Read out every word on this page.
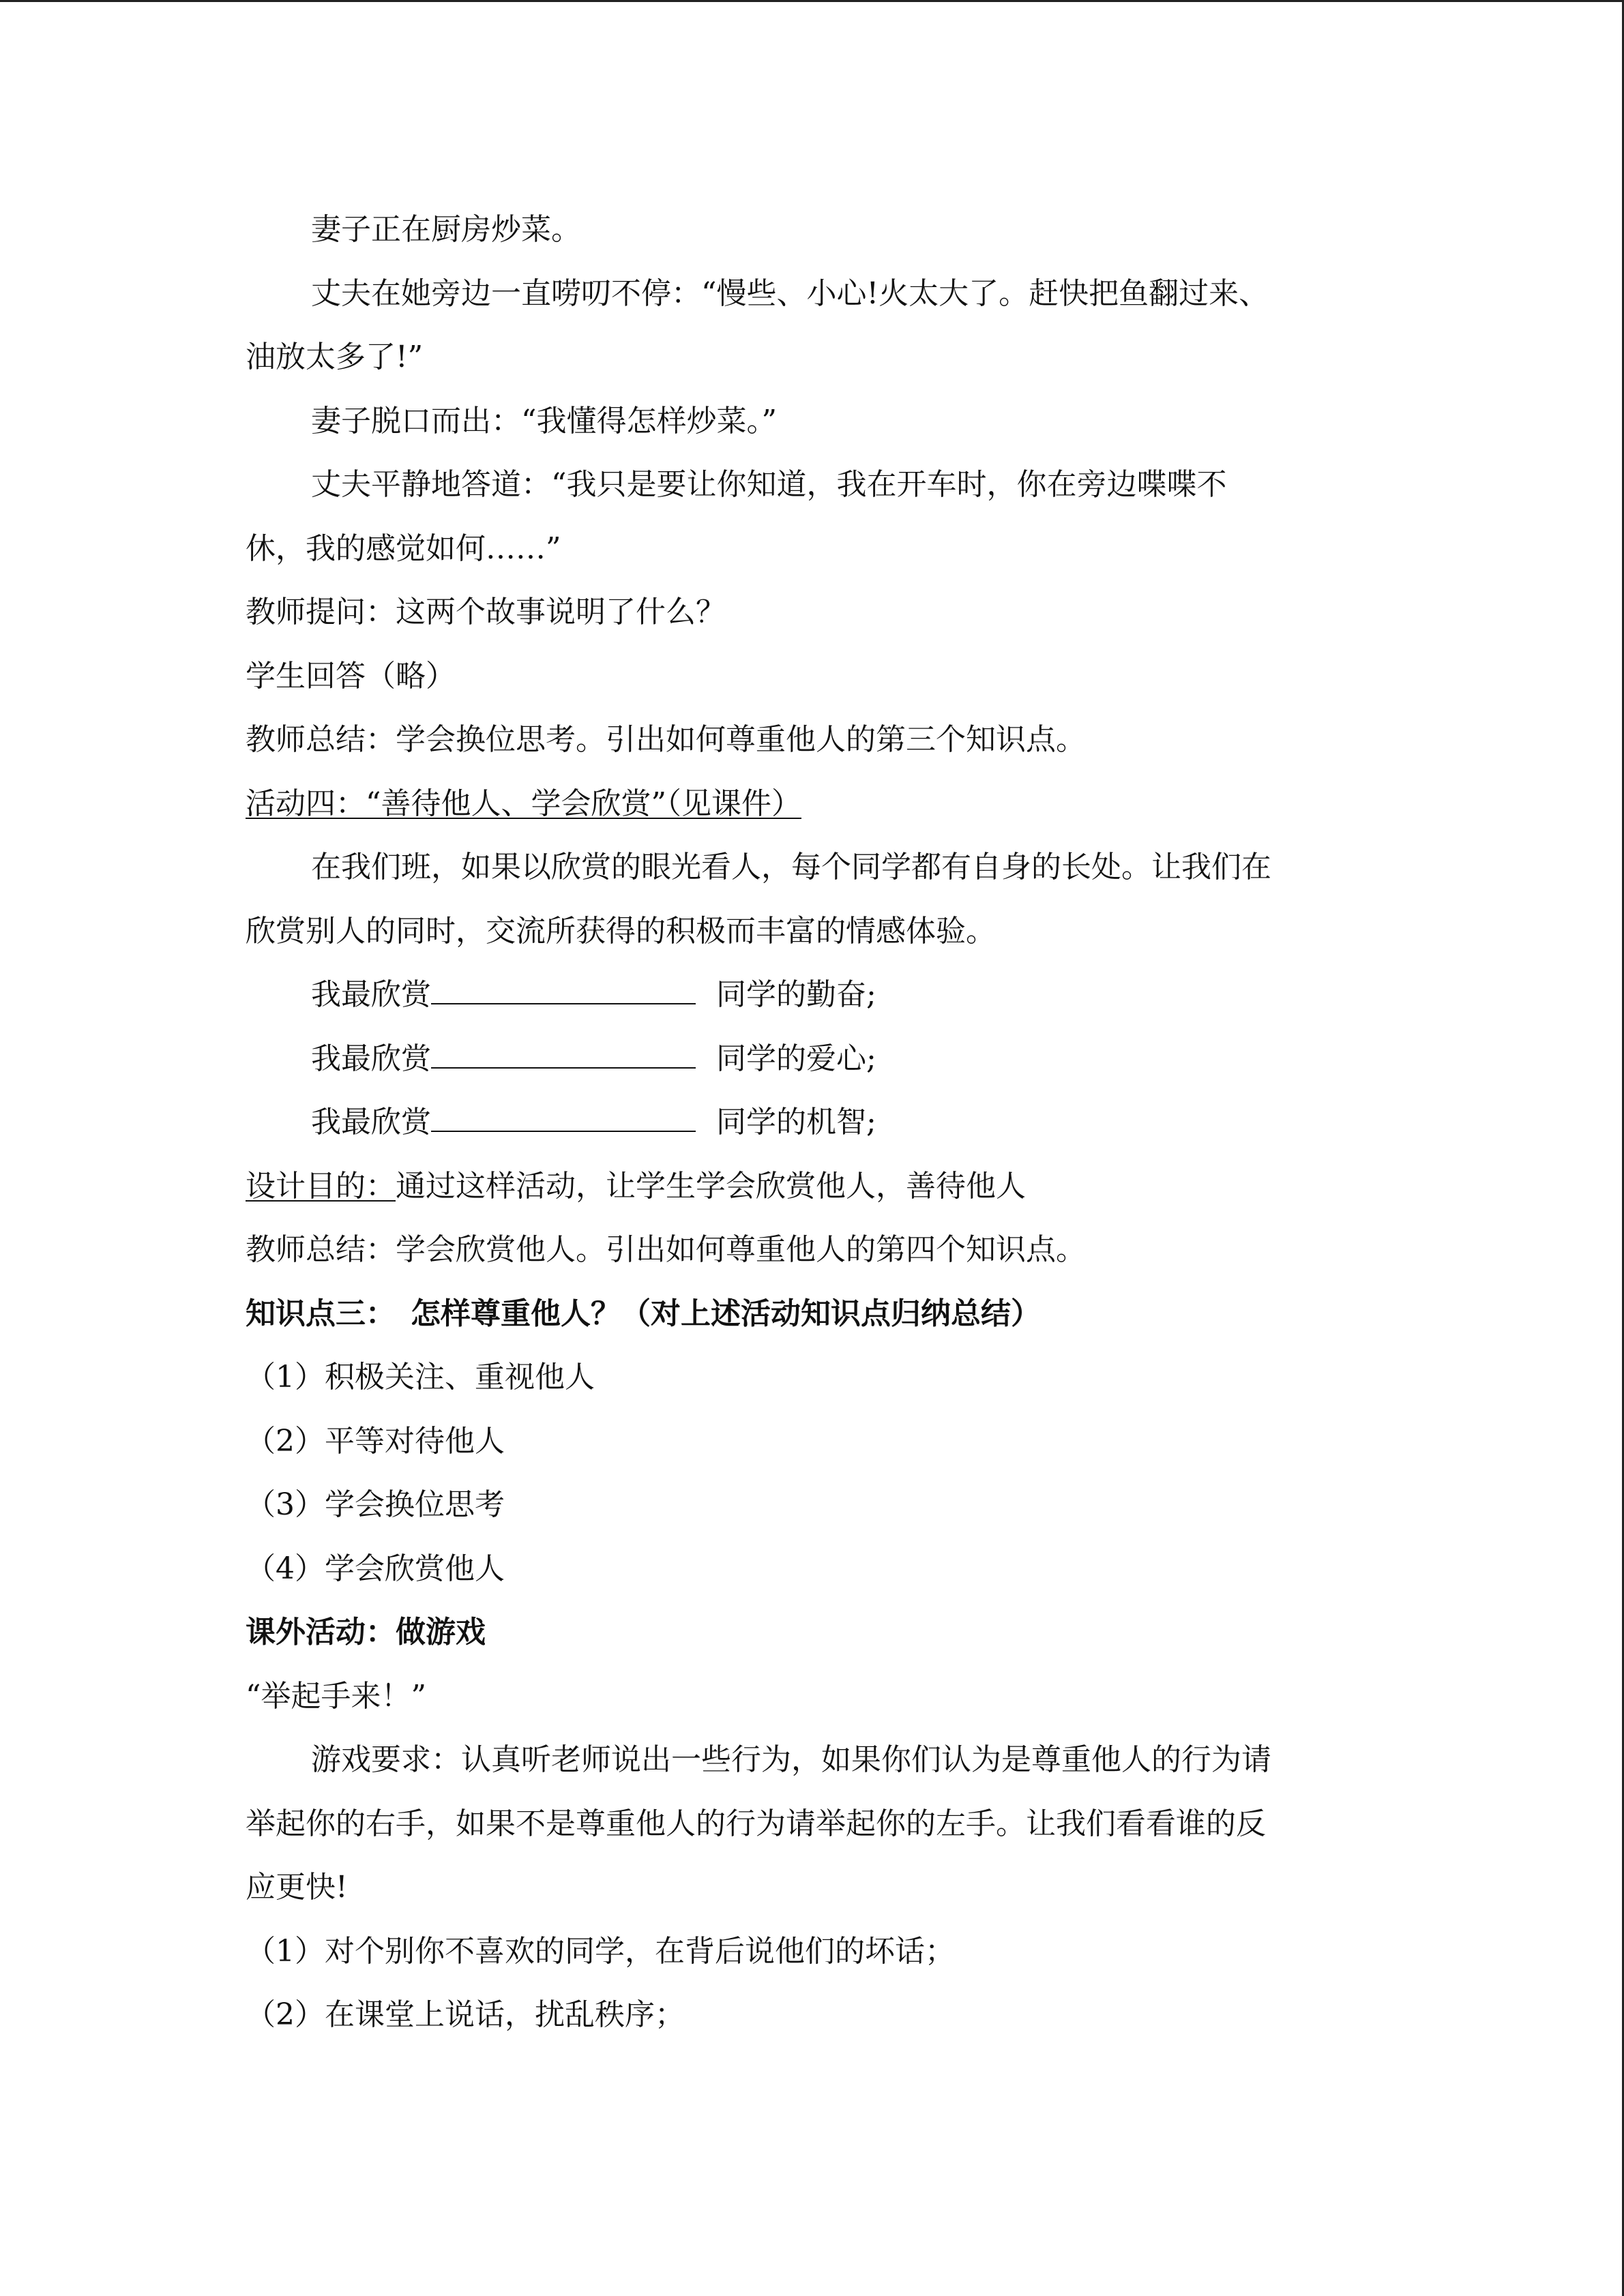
妻子正在厨房炒菜。
丈夫在她旁边一直唠叨不停：“慢些、小心!火太大了。赶快把鱼翻过来、
油放太多了!”
妻子脱口而出：“我懂得怎样炒菜。”
丈夫平静地答道：“我只是要让你知道，我在开车时，你在旁边喋喋不
休，我的感觉如何……”
教师提问：这两个故事说明了什么？
学生回答（略）
教师总结：学会换位思考。引出如何尊重他人的第三个知识点。
活动四：“善待他人、学会欣赏”（见课件）
在我们班，如果以欣赏的眼光看人，每个同学都有自身的长处。让我们在
欣赏别人的同时，交流所获得的积极而丰富的情感体验。
我最欣赏	同学的勤奋;
我最欣赏	同学的爱心;
我最欣赏	同学的机智;
设计目的：通过这样活动，让学生学会欣赏他人，善待他人
教师总结：学会欣赏他人。引出如何尊重他人的第四个知识点。
知识点三：　怎样尊重他人？（对上述活动知识点归纳总结）
（1）积极关注、重视他人
（2）平等对待他人
（3）学会换位思考
（4）学会欣赏他人
课外活动：做游戏
“举起手来！”
游戏要求：认真听老师说出一些行为，如果你们认为是尊重他人的行为请
举起你的右手，如果不是尊重他人的行为请举起你的左手。让我们看看谁的反
应更快!
（1）对个别你不喜欢的同学，在背后说他们的坏话；
（2）在课堂上说话，扰乱秩序；
